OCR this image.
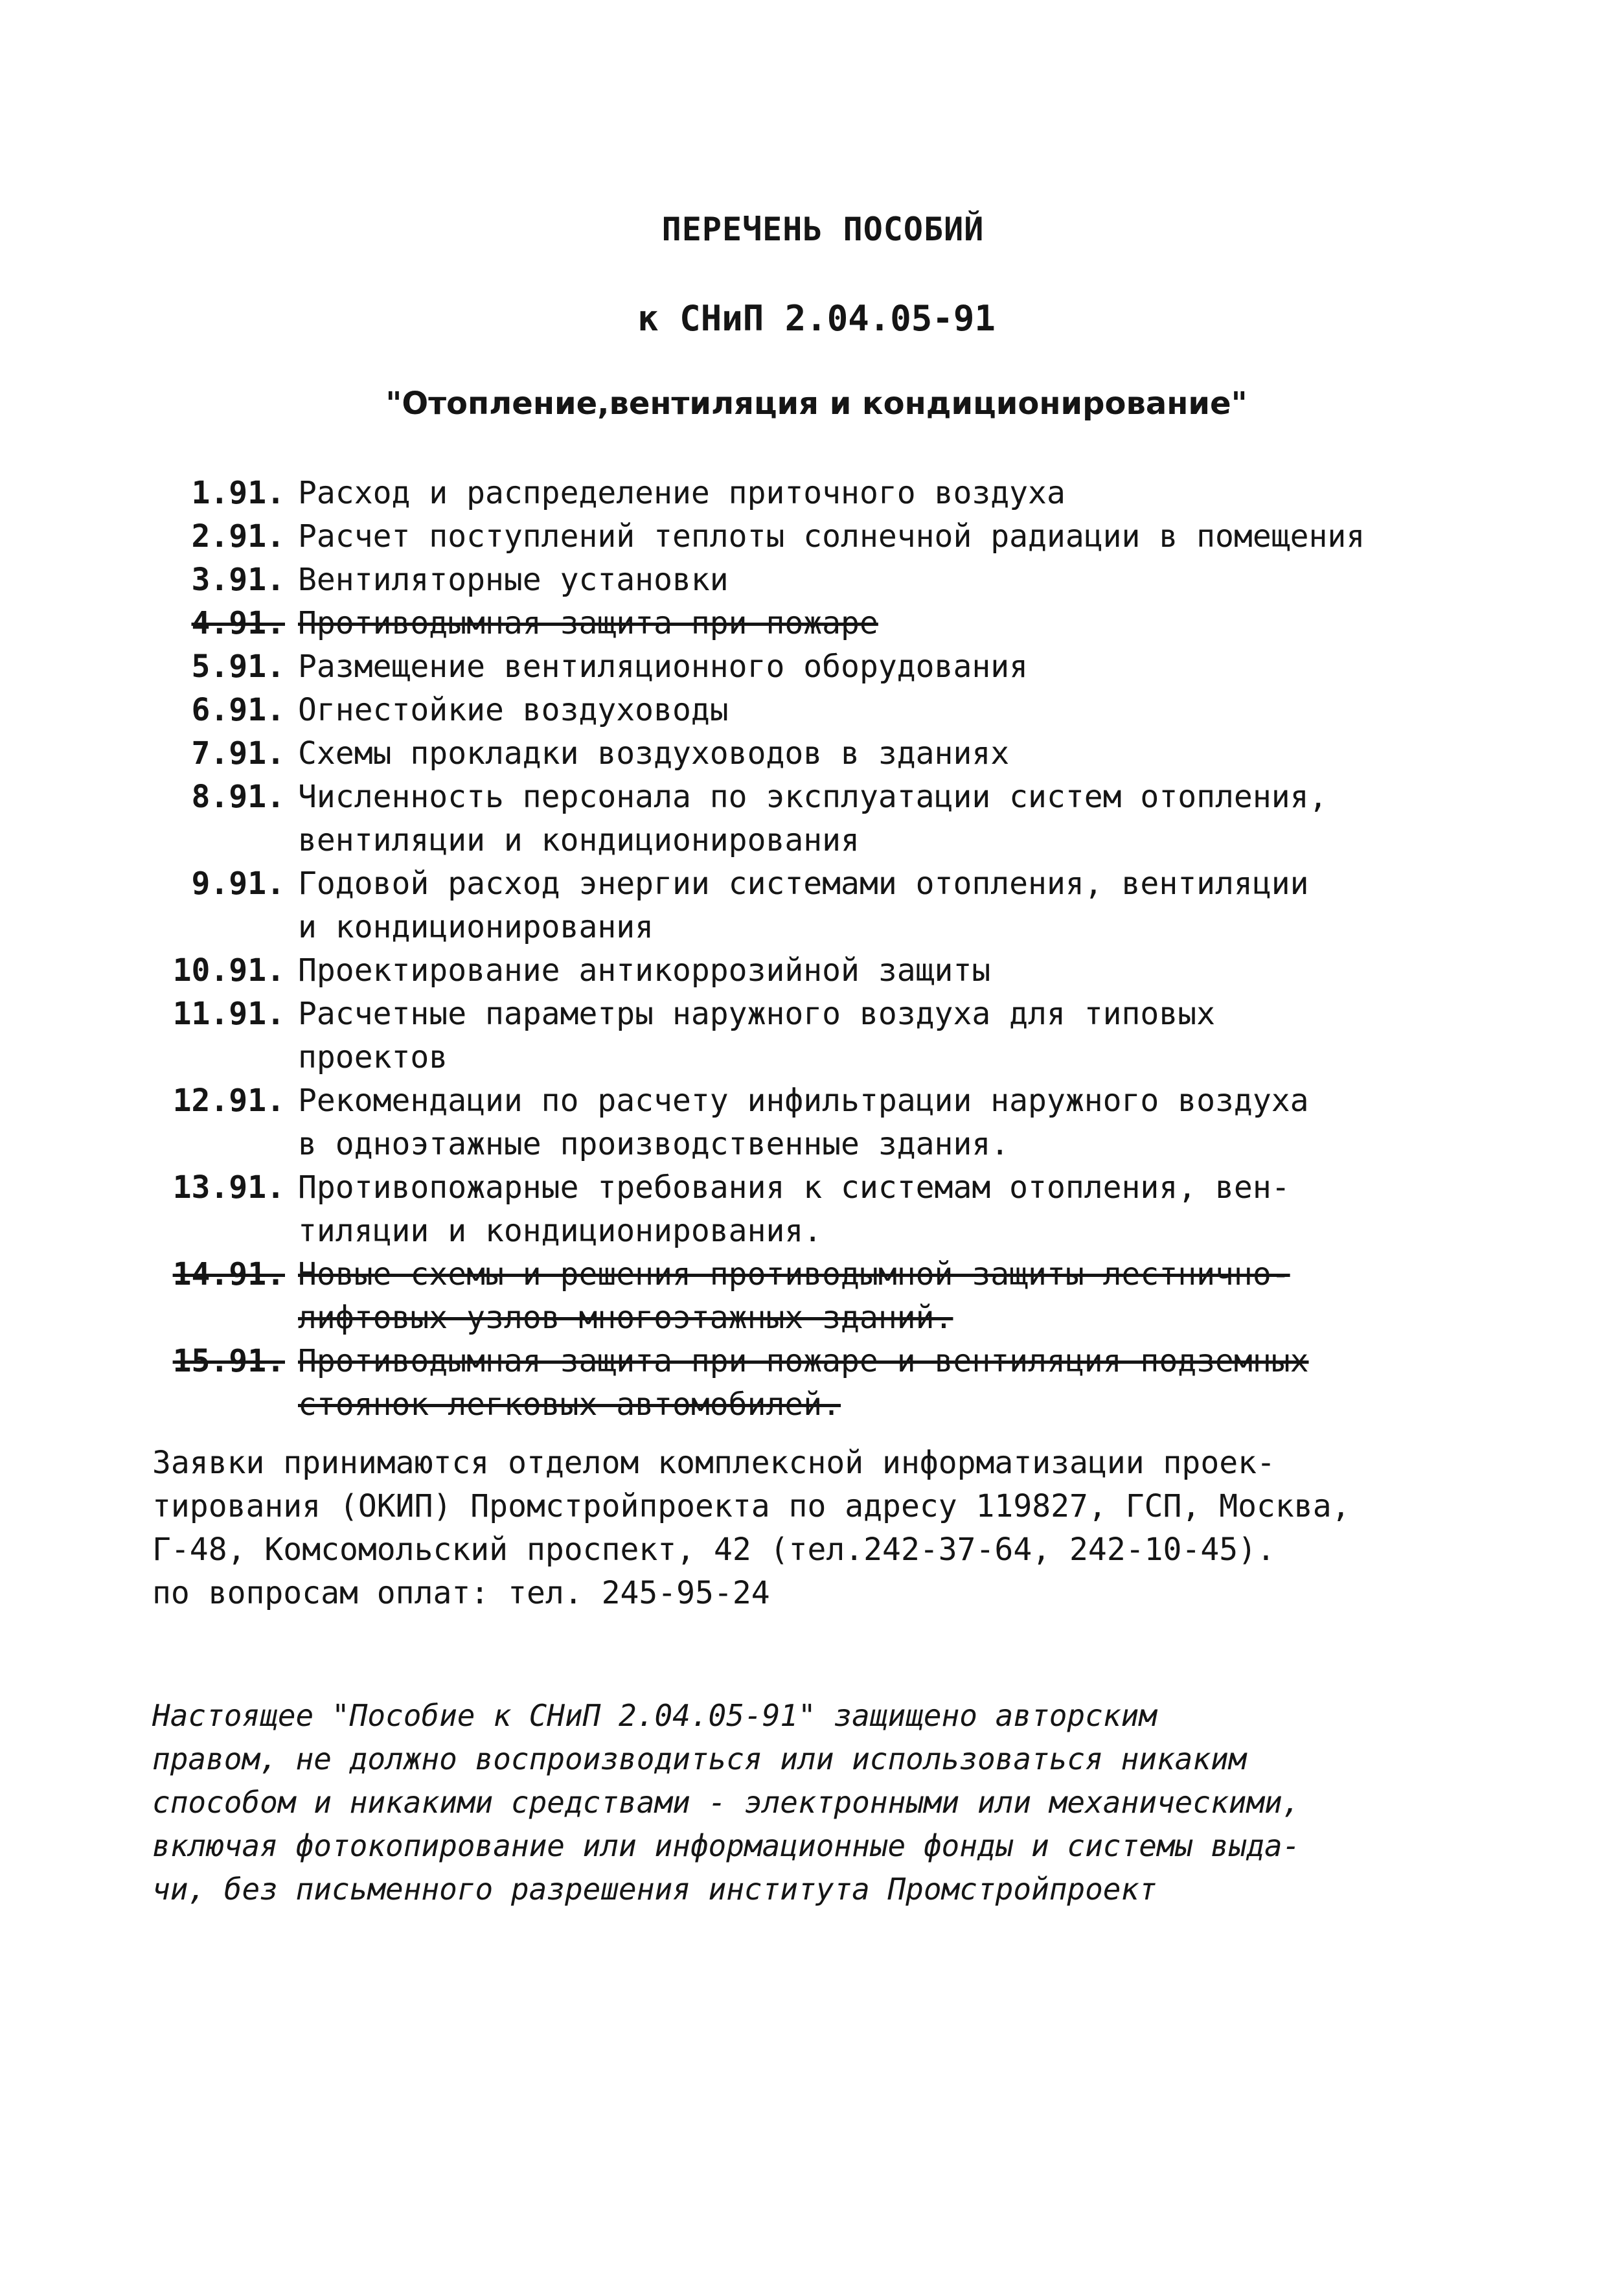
ПЕРЕЧЕНЬ ПОСОБИЙ
к СНиП 2.04.05-91
"Отопление,вентиляция и кондиционирование"
1.91. Расход и распределение приточного воздуха
2.91. Расчет поступлений теплоты солнечной радиации в помещения
3.91. Вентиляторные установки
4.91. Противодымная защита при пожаре
5.91. Размещение вентиляционного оборудования
6.91. Огнестойкие воздуховоды
7.91. Схемы прокладки воздуховодов в зданиях
8.91. Численность персонала по эксплуатации систем отопления,
вентиляции и кондиционирования
9.91. Годовой расход энергии системами отопления, вентиляции
и кондиционирования
10.91. Проектирование антикоррозийной защиты
11.91. Расчетные параметры наружного воздуха для типовых
проектов
12.91. Рекомендации по расчету инфильтрации наружного воздуха
в одноэтажные производственные здания.
13.91. Противопожарные требования к системам отопления, вен-
тиляции и кондиционирования.
14.91. Новые схемы и решения противодымной защиты лестнично-
лифтовых узлов многоэтажных зданий.
15.91. Противодымная защита при пожаре и вентиляция подземных
стоянок легковых автомобилей.
Заявки принимаются отделом комплексной информатизации проек-
тирования (ОКИП) Промстройпроекта по адресу 119827, ГСП, Москва,
Г-48, Комсомольский проспект, 42 (тел.242-37-64, 242-10-45).
по вопросам оплат: тел. 245-95-24
Настоящее "Пособие к СНиП 2.04.05-91" защищено авторским
правом, не должно воспроизводиться или использоваться никаким
способом и никакими средствами - электронными или механическими,
включая фотокопирование или информационные фонды и системы выда-
чи, без письменного разрешения института Промстройпроект
